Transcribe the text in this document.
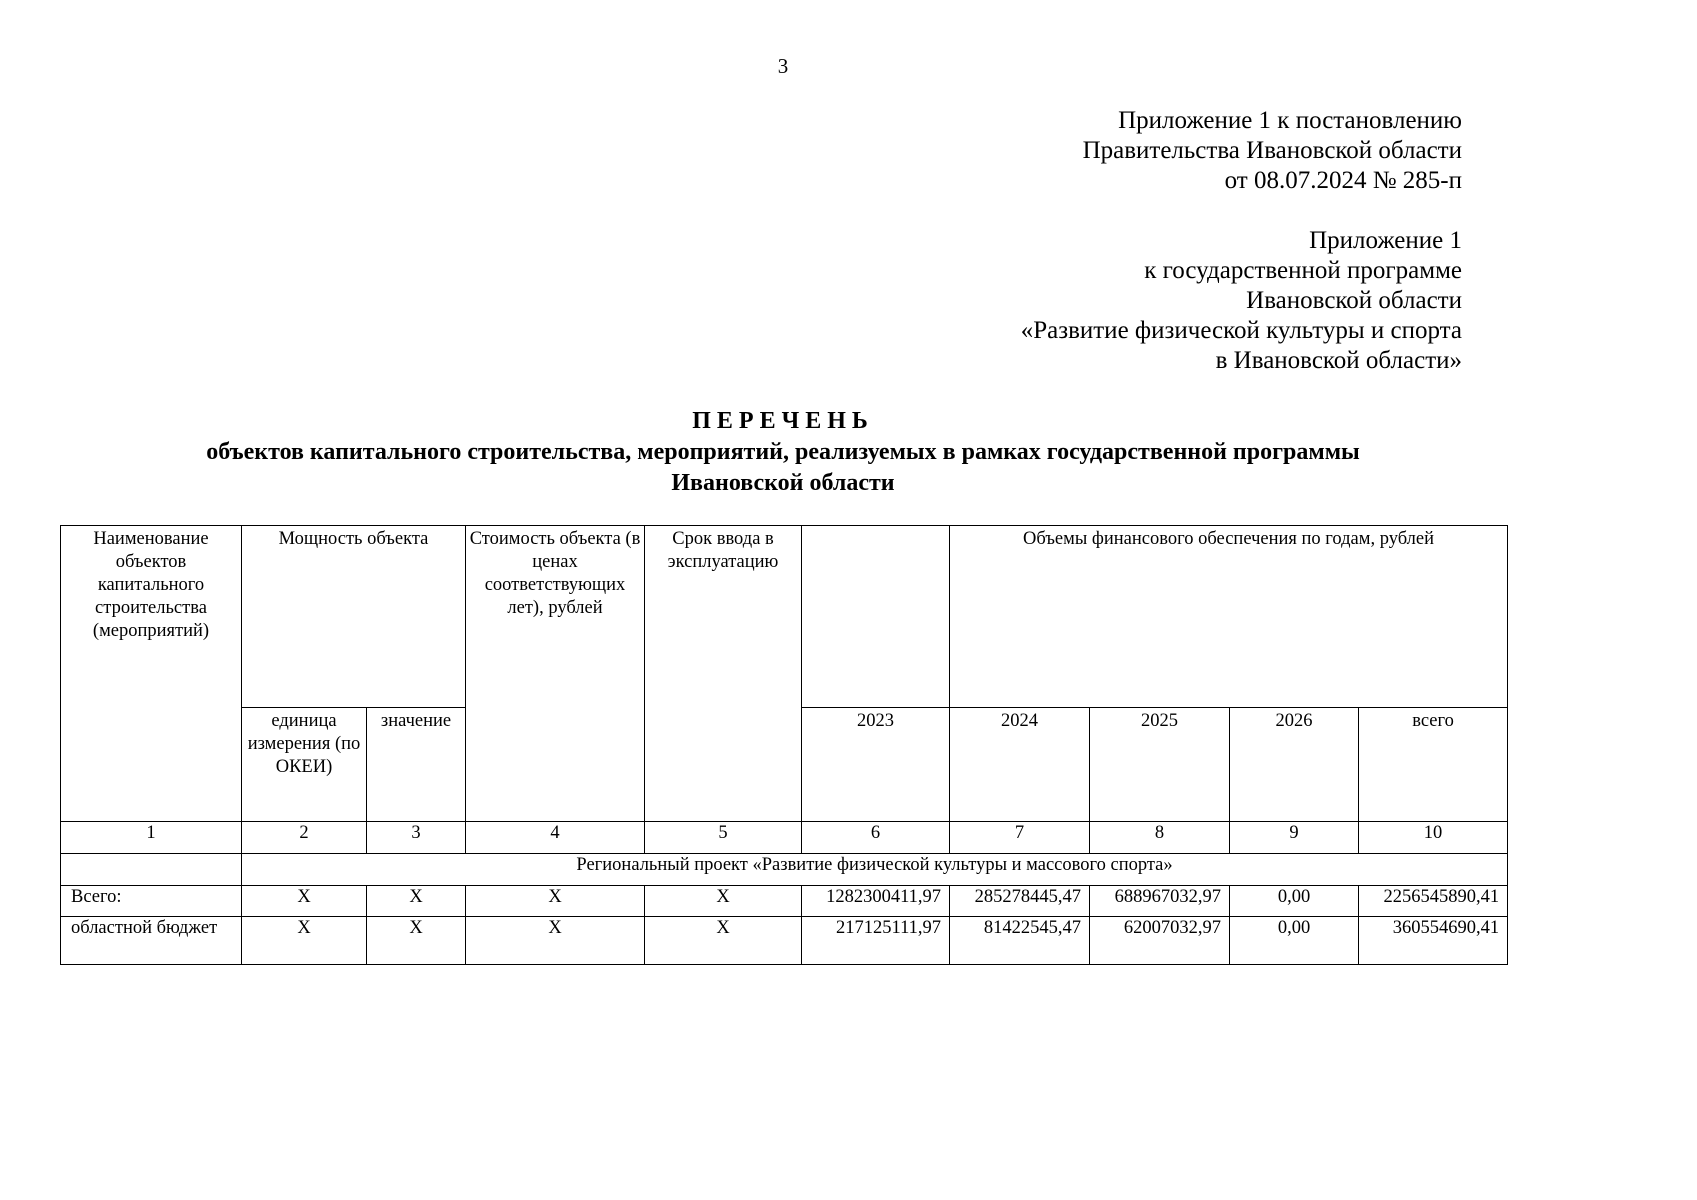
3
Приложение 1 к постановлению
Правительства Ивановской области
от 08.07.2024 № 285-п
Приложение 1
к государственной программе
Ивановской области
«Развитие физической культуры и спорта
в Ивановской области»
ПЕРЕЧЕНЬ
объектов капитального строительства, мероприятий, реализуемых в рамках государственной программы
Ивановской области
Наименование объектов капитального строительства (мероприятий)	Мощность объекта		Стоимость объекта (в ценах соответствующих лет), рублей	Срок ввода в эксплуатацию		Объемы финансового обеспечения по годам, рублей			
	единица измерения (по ОКЕИ)	значение			2023	2024	2025	2026	всего
1	2	3	4	5	6	7	8	9	10
	Региональный проект «Развитие физической культуры и массового спорта»								
Всего:	Х	Х	Х	Х	1282300411,97	285278445,47	688967032,97	0,00	2256545890,41
областной бюджет	Х	Х	Х	Х	217125111,97	81422545,47	62007032,97	0,00	360554690,41
